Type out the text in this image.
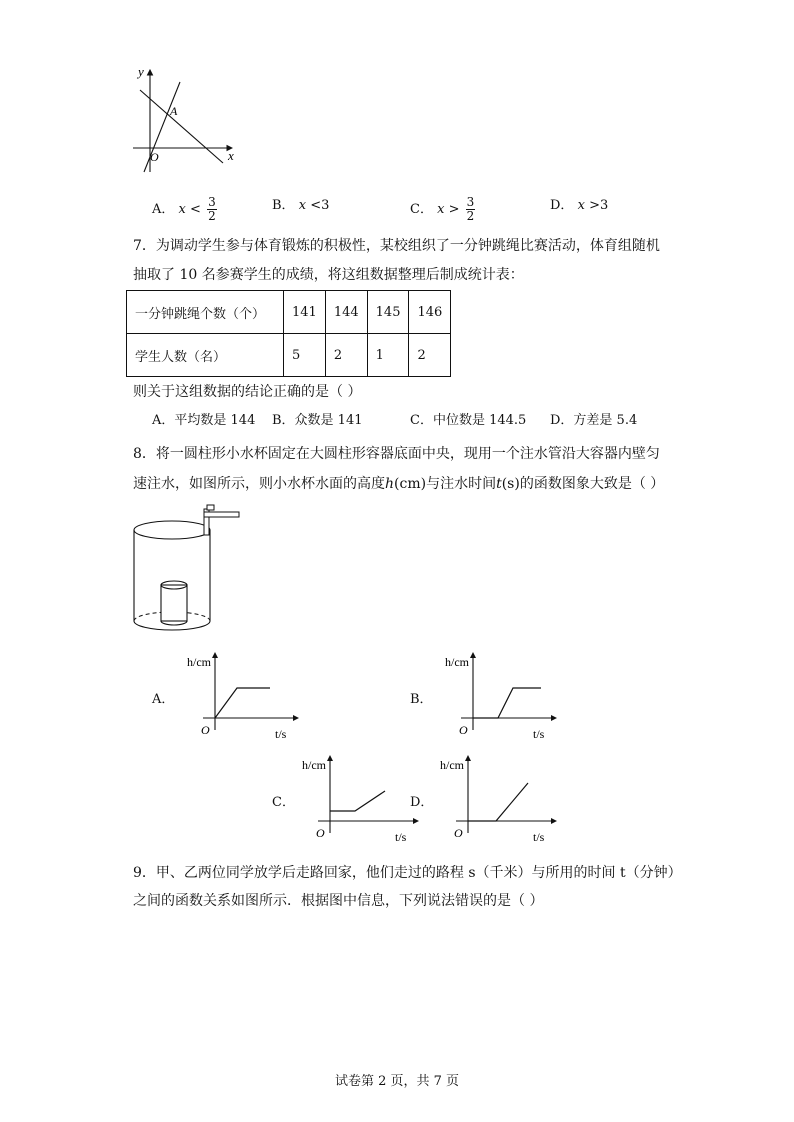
y
x
O
A
A． $x < \frac{3}{2}$	B． x <3	C． $x > \frac{3}{2}$	D． x >3
7．为调动学生参与体育锻炼的积极性，某校组织了一分钟跳绳比赛活动，体育组随机
抽取了 10 名参赛学生的成绩，将这组数据整理后制成统计表：
一分钟跳绳个数（个）	141	144	145	146
学生人数（名）	5	2	1	2
则关于这组数据的结论正确的是（ ）
A．平均数是 144 B．众数是 141	C．中位数是 144.5 D．方差是 5.4
8．将一圆柱形小水杯固定在大圆柱形容器底面中央，现用一个注水管沿大容器内壁匀
速注水，如图所示，则小水杯水面的高度h(cm)与注水时间t(s)的函数图象大致是（ ）
A．
h/cm
t/s
O
B．
h/cm
t/s
O
C．
h/cm
t/s
O
D．
h/cm
t/s
O
9．甲、乙两位同学放学后走路回家，他们走过的路程 s（千米）与所用的时间 t（分钟）
之间的函数关系如图所示．根据图中信息，下列说法错误的是（ ）
试卷第 2 页，共 7 页
